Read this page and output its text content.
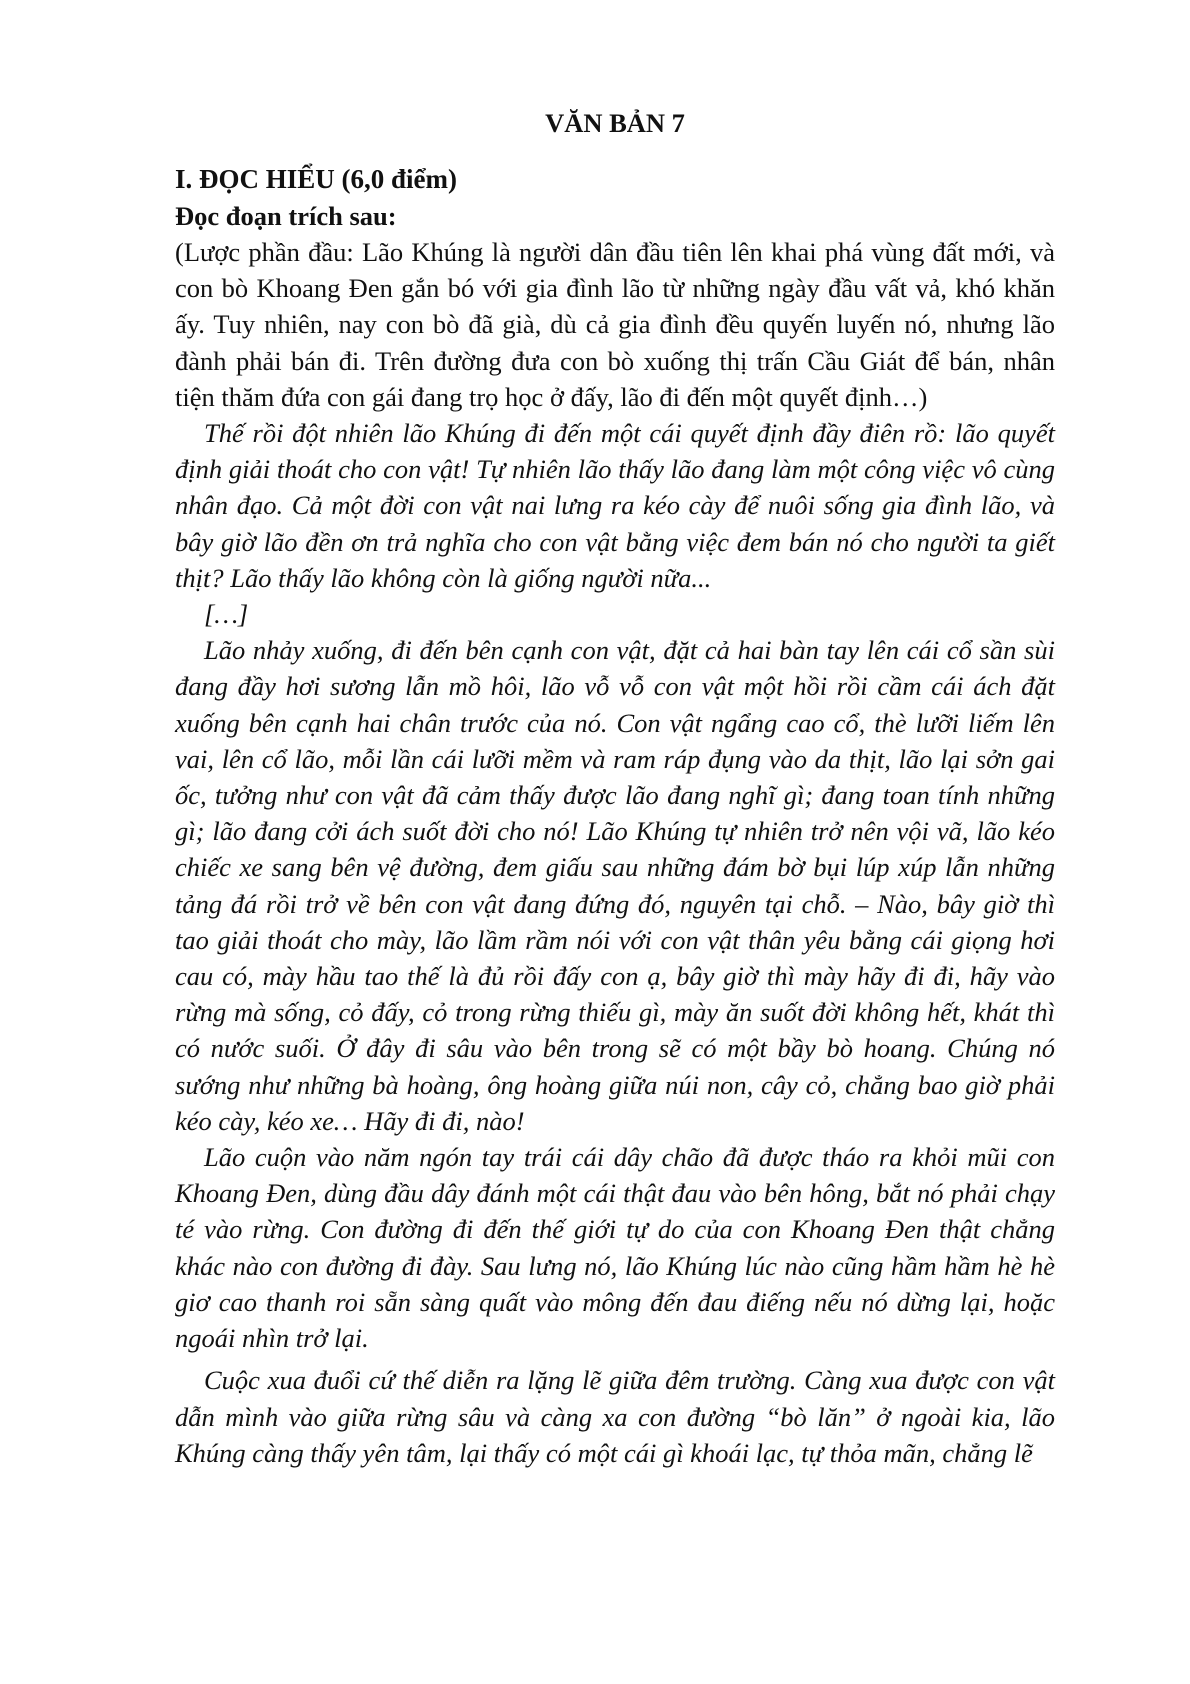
VĂN BẢN 7

I. ĐỌC HIỂU (6,0 điểm)

Đọc đoạn trích sau:

(Lược phần đầu: Lão Khúng là người dân đầu tiên lên khai phá vùng đất mới, và con bò Khoang Đen gắn bó với gia đình lão từ những ngày đầu vất vả, khó khăn ấy. Tuy nhiên, nay con bò đã già, dù cả gia đình đều quyến luyến nó, nhưng lão đành phải bán đi. Trên đường đưa con bò xuống thị trấn Cầu Giát để bán, nhân tiện thăm đứa con gái đang trọ học ở đấy, lão đi đến một quyết định…)

Thế rồi đột nhiên lão Khúng đi đến một cái quyết định đầy điên rồ: lão quyết định giải thoát cho con vật! Tự nhiên lão thấy lão đang làm một công việc vô cùng nhân đạo. Cả một đời con vật nai lưng ra kéo cày để nuôi sống gia đình lão, và bây giờ lão đền ơn trả nghĩa cho con vật bằng việc đem bán nó cho người ta giết thịt? Lão thấy lão không còn là giống người nữa...

[…]

Lão nhảy xuống, đi đến bên cạnh con vật, đặt cả hai bàn tay lên cái cổ sần sùi đang đầy hơi sương lẫn mồ hôi, lão vỗ vỗ con vật một hồi rồi cầm cái ách đặt xuống bên cạnh hai chân trước của nó. Con vật ngẩng cao cổ, thè lưỡi liếm lên vai, lên cổ lão, mỗi lần cái lưỡi mềm và ram ráp đụng vào da thịt, lão lại sởn gai ốc, tưởng như con vật đã cảm thấy được lão đang nghĩ gì; đang toan tính những gì; lão đang cởi ách suốt đời cho nó! Lão Khúng tự nhiên trở nên vội vã, lão kéo chiếc xe sang bên vệ đường, đem giấu sau những đám bờ bụi lúp xúp lẫn những tảng đá rồi trở về bên con vật đang đứng đó, nguyên tại chỗ. – Nào, bây giờ thì tao giải thoát cho mày, lão lầm rầm nói với con vật thân yêu bằng cái giọng hơi cau có, mày hầu tao thế là đủ rồi đấy con ạ, bây giờ thì mày hãy đi đi, hãy vào rừng mà sống, cỏ đấy, cỏ trong rừng thiếu gì, mày ăn suốt đời không hết, khát thì có nước suối. Ở đây đi sâu vào bên trong sẽ có một bầy bò hoang. Chúng nó sướng như những bà hoàng, ông hoàng giữa núi non, cây cỏ, chẳng bao giờ phải kéo cày, kéo xe… Hãy đi đi, nào!

Lão cuộn vào năm ngón tay trái cái dây chão đã được tháo ra khỏi mũi con Khoang Đen, dùng đầu dây đánh một cái thật đau vào bên hông, bắt nó phải chạy té vào rừng. Con đường đi đến thế giới tự do của con Khoang Đen thật chẳng khác nào con đường đi đày. Sau lưng nó, lão Khúng lúc nào cũng hầm hầm hè hè giơ cao thanh roi sẵn sàng quất vào mông đến đau điếng nếu nó dừng lại, hoặc ngoái nhìn trở lại.

Cuộc xua đuổi cứ thế diễn ra lặng lẽ giữa đêm trường. Càng xua được con vật dẫn mình vào giữa rừng sâu và càng xa con đường “bò lăn” ở ngoài kia, lão Khúng càng thấy yên tâm, lại thấy có một cái gì khoái lạc, tự thỏa mãn, chẳng lẽ
